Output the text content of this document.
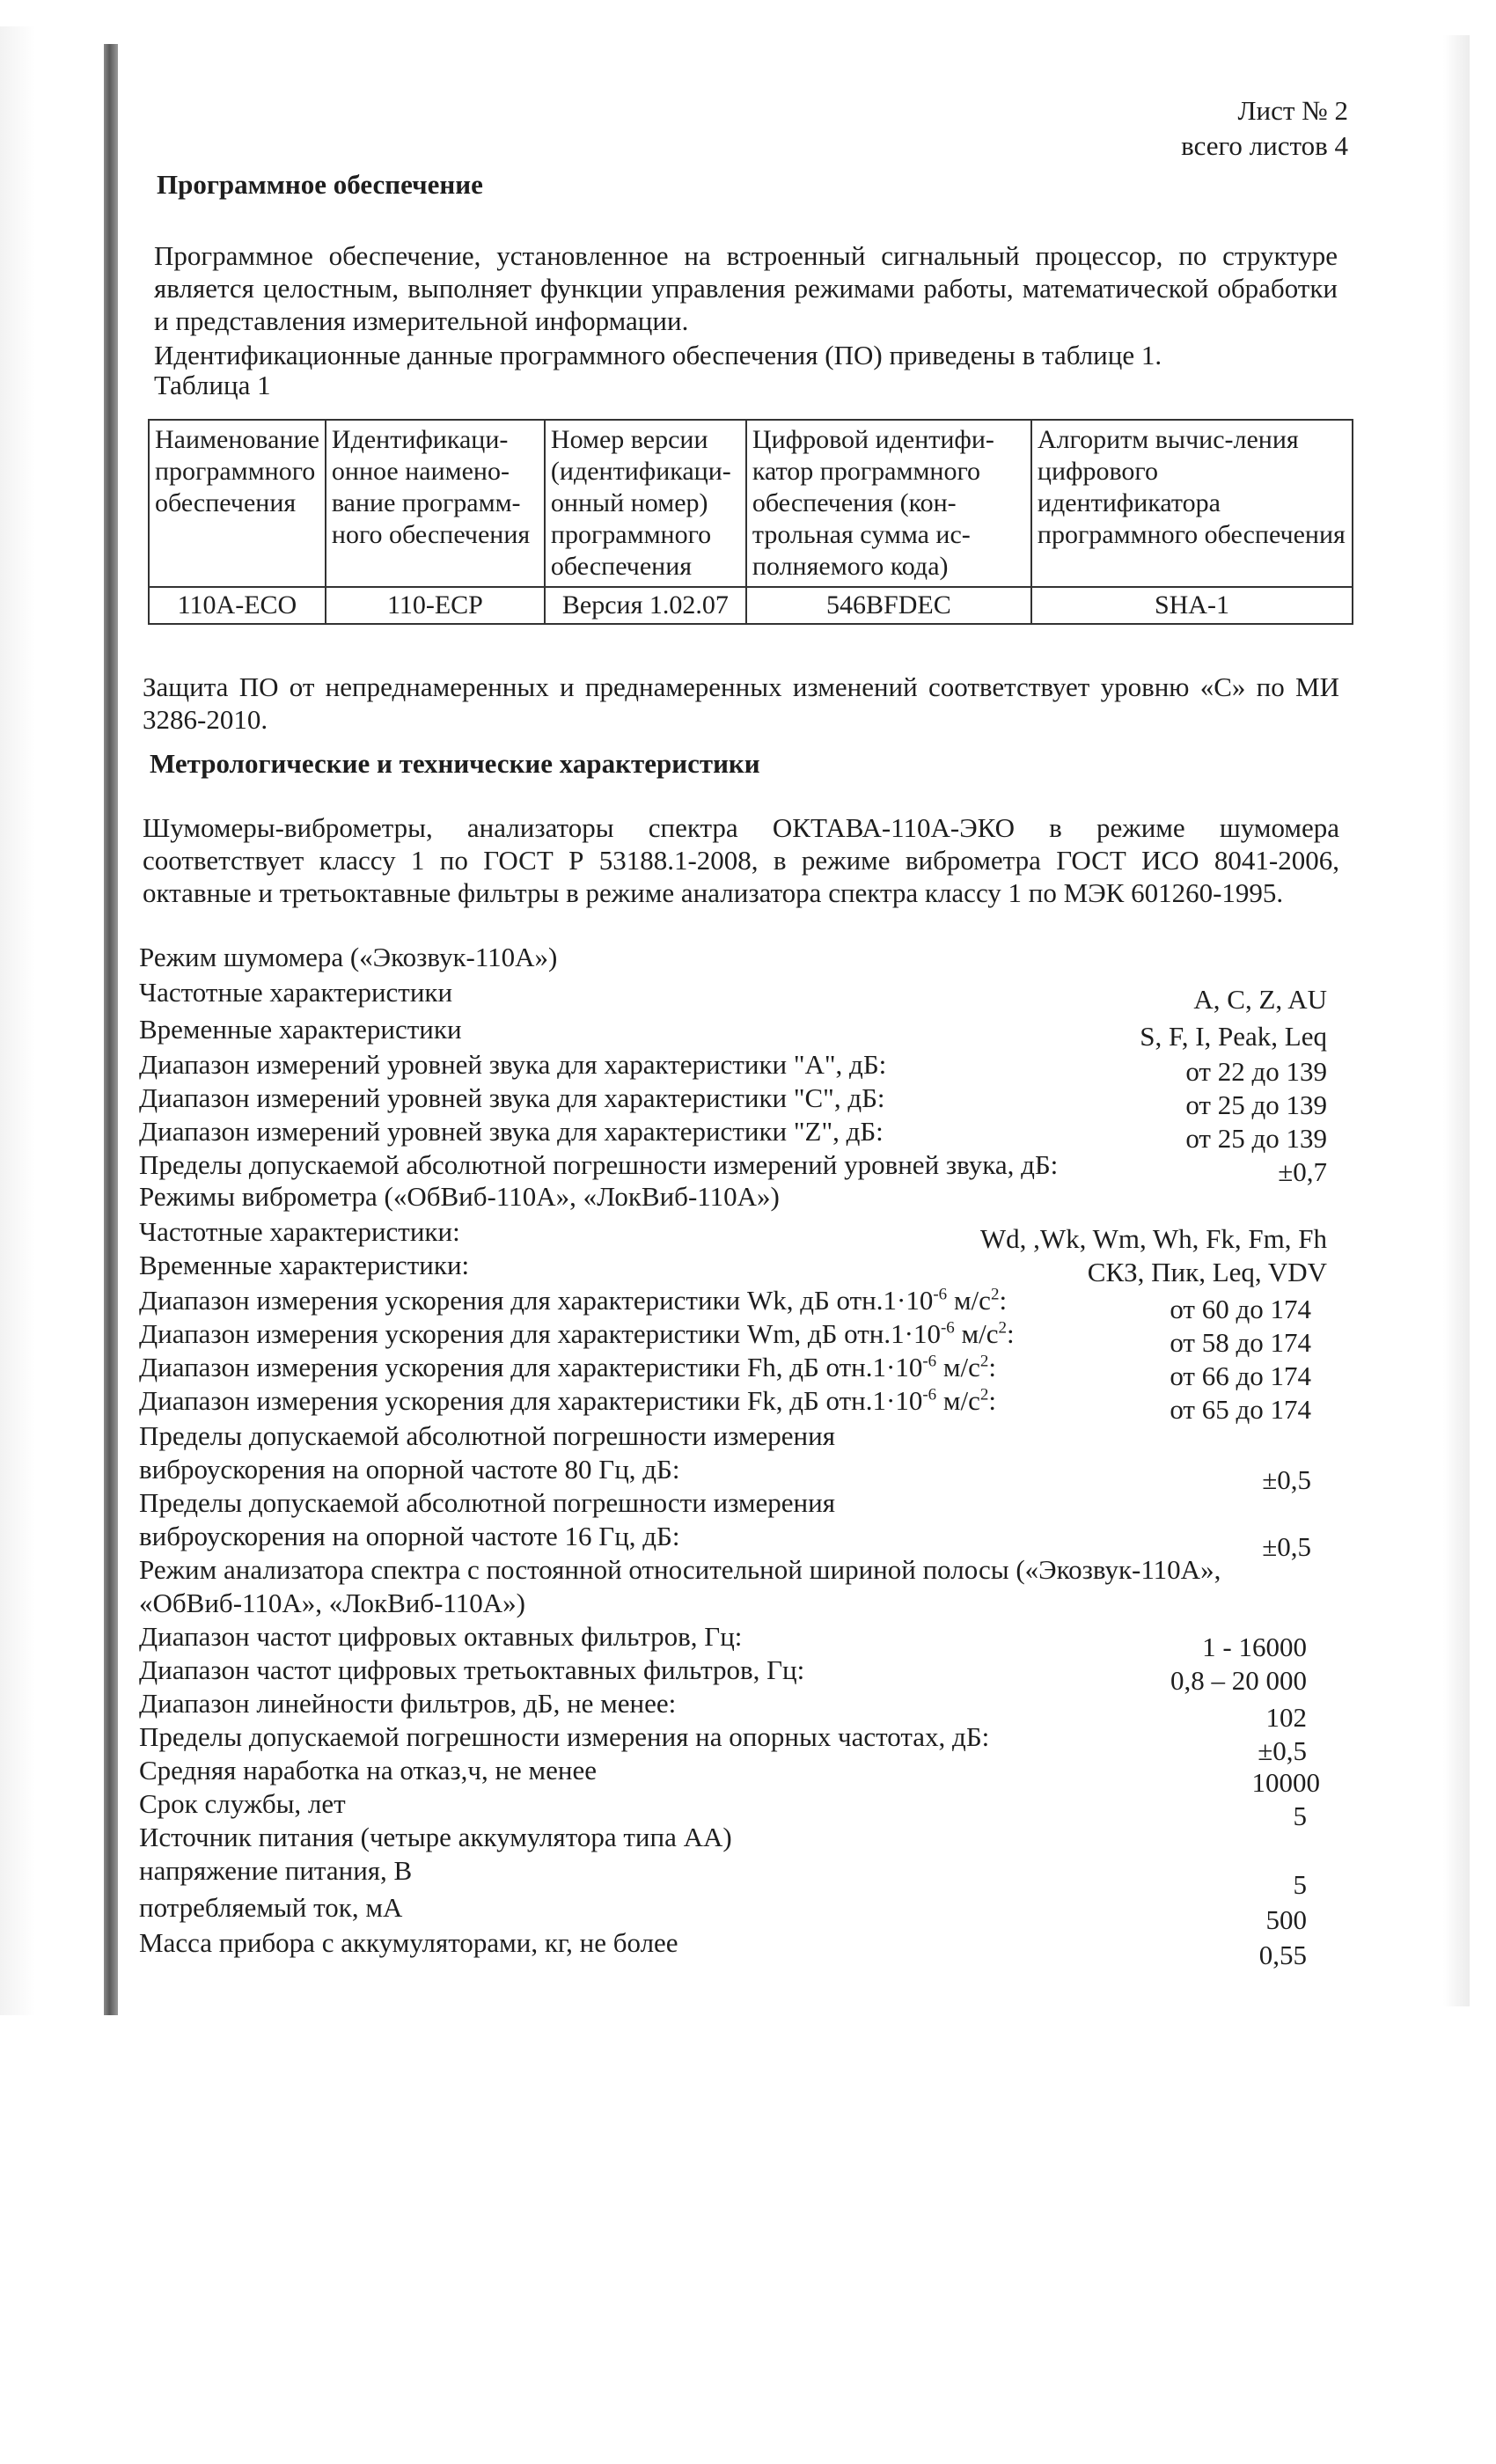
Лист № 2
всего листов 4
Программное обеспечение
Программное обеспечение, установленное на встроенный сигнальный процессор, по структуре является целостным, выполняет функции управления режимами работы, математической обработки и представления измерительной информации.
Идентификационные данные программного обеспечения (ПО) приведены в таблице 1.
Таблица 1
Наименование программного обеспечения	Идентификаци-онное наимено-вание программ-ного обеспечения	Номер версии (идентификаци-онный номер) программного обеспечения	Цифровой идентифи-катор программного обеспечения (кон-трольная сумма ис-полняемого кода)	Алгоритм вычис-ления цифрового идентификатора программного обеспечения
110A-ECO	110-ECP	Версия 1.02.07	546BFDEC	SHA-1
Защита ПО от непреднамеренных и преднамеренных изменений соответствует уровню «С» по МИ 3286-2010.
Метрологические и технические характеристики
Шумомеры-виброметры, анализаторы спектра ОКТАВА-110А-ЭКО в режиме шумомера соответствует классу 1 по ГОСТ Р 53188.1-2008, в режиме виброметра ГОСТ ИСО 8041-2006, октавные и третьоктавные фильтры в режиме анализатора спектра классу 1 по МЭК 601260-1995.
Режим шумомера («Экозвук-110А»)
Частотные характеристики	A, C, Z, AU
Временные характеристики	S, F, I, Peak, Leq
Диапазон измерений уровней звука для характеристики "A", дБ:	от 22 до 139
Диапазон измерений уровней звука для характеристики "C", дБ:	от 25 до 139
Диапазон измерений уровней звука для характеристики "Z", дБ:	от 25 до 139
Пределы допускаемой абсолютной погрешности измерений уровней звука, дБ:	±0,7
Режимы виброметра («ОбВиб-110А», «ЛокВиб-110А»)
Частотные характеристики:	Wd, ,Wk, Wm, Wh, Fk, Fm, Fh
Временные характеристики:	СКЗ, Пик, Leq, VDV
Диапазон измерения ускорения для характеристики Wk, дБ $отн.1\cdot 10^{-6}$ $м/с^2$:	от 60 до 174
Диапазон измерения ускорения для характеристики Wm, дБ $отн.1\cdot 10^{-6}$ $м/с^2$:	от 58 до 174
Диапазон измерения ускорения для характеристики Fh, дБ $отн.1\cdot 10^{-6}$ $м/с^2$:	от 66 до 174
Диапазон измерения ускорения для характеристики Fk, дБ $отн.1\cdot 10^{-6}$ $м/с^2$:	от 65 до 174
Пределы допускаемой абсолютной погрешности измерения
виброускорения на опорной частоте 80 Гц, дБ:	±0,5
Пределы допускаемой абсолютной погрешности измерения
виброускорения на опорной частоте 16 Гц, дБ:	±0,5
Режим анализатора спектра с постоянной относительной шириной полосы («Экозвук-110А»,
«ОбВиб-110А», «ЛокВиб-110А»)
Диапазон частот цифровых октавных фильтров, Гц:	1 - 16000
Диапазон частот цифровых третьоктавных фильтров, Гц:	0,8 – 20 000
Диапазон линейности фильтров, дБ, не менее:	102
Пределы допускаемой погрешности измерения на опорных частотах, дБ:	±0,5
Средняя наработка на отказ,ч, не менее	10000
Срок службы, лет	5
Источник питания (четыре аккумулятора типа АА)
напряжение питания, В	5
потребляемый ток, мА	500
Масса прибора с аккумуляторами, кг, не более	0,55
